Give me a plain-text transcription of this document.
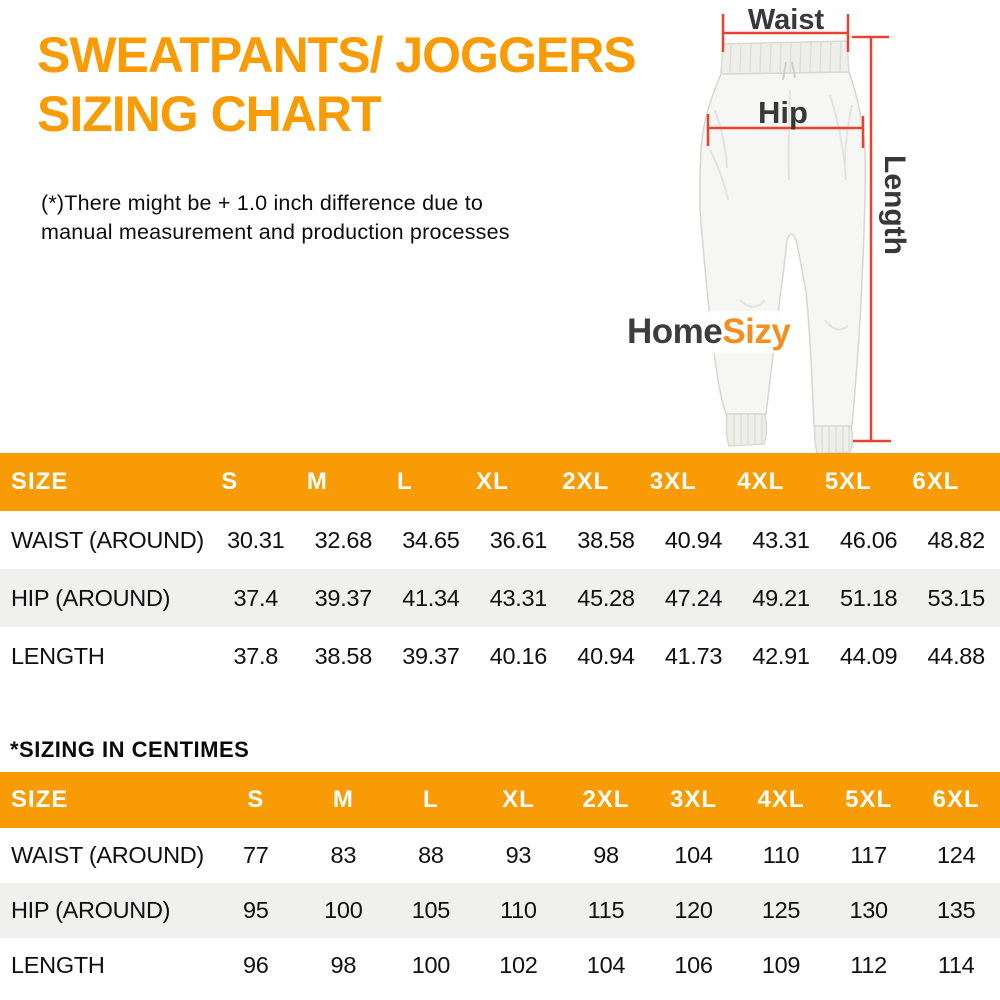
SWEATPANTS/ JOGGERS
SIZING CHART
(*)There might be + 1.0 inch difference due to
manual measurement and production processes
Waist
Hip
Length
Home Sizy
SIZE	S	M	L	XL	2XL	3XL	4XL	5XL	6XL
WAIST (AROUND)	30.31	32.68	34.65	36.61	38.58	40.94	43.31	46.06	48.82
HIP (AROUND)	37.4	39.37	41.34	43.31	45.28	47.24	49.21	51.18	53.15
LENGTH	37.8	38.58	39.37	40.16	40.94	41.73	42.91	44.09	44.88
*SIZING IN CENTIMES
SIZE	S	M	L	XL	2XL	3XL	4XL	5XL	6XL
WAIST (AROUND)	77	83	88	93	98	104	110	117	124
HIP (AROUND)	95	100	105	110	115	120	125	130	135
LENGTH	96	98	100	102	104	106	109	112	114
